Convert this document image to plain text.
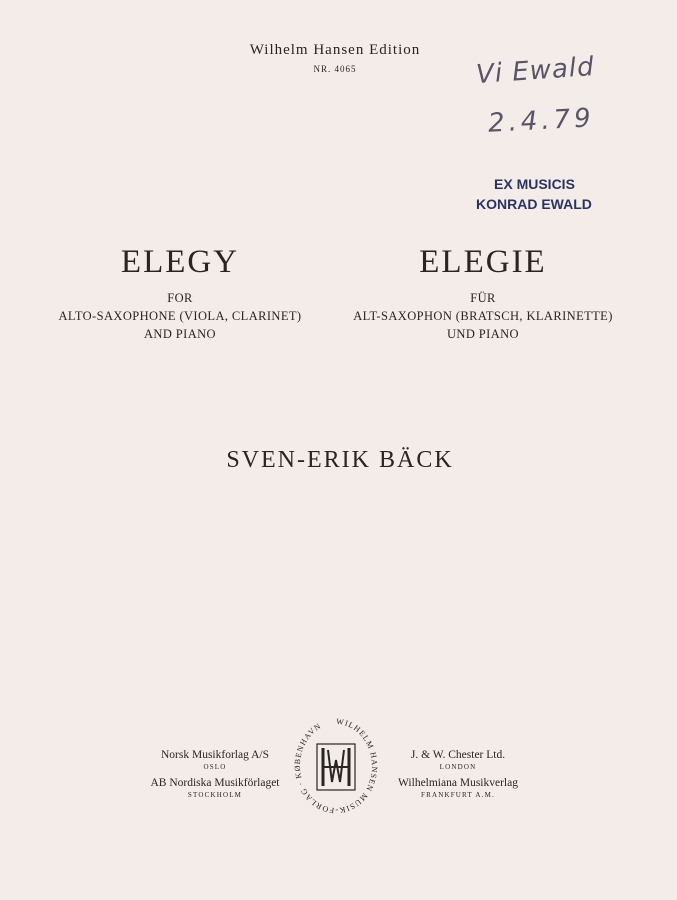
Wilhelm Hansen Edition
NR. 4065	Vi Ewald
2.4.79
EX MUSICIS
KONRAD EWALD
ELEGY	ELEGIE
FOR
ALTO-SAXOPHONE (VIOLA, CLARINET)
AND PIANO
FÜR
ALT-SAXOPHON (BRATSCH, KLARINETTE)
UND PIANO
SVEN-ERIK BÄCK
Norsk Musikforlag A/S
OSLO
AB Nordiska Musikförlaget
STOCKHOLM
WILHELM HANSEN MUSIK-FORLAG · KØBENHAVN
J. & W. Chester Ltd.
LONDON
Wilhelmiana Musikverlag
FRANKFURT A.M.
